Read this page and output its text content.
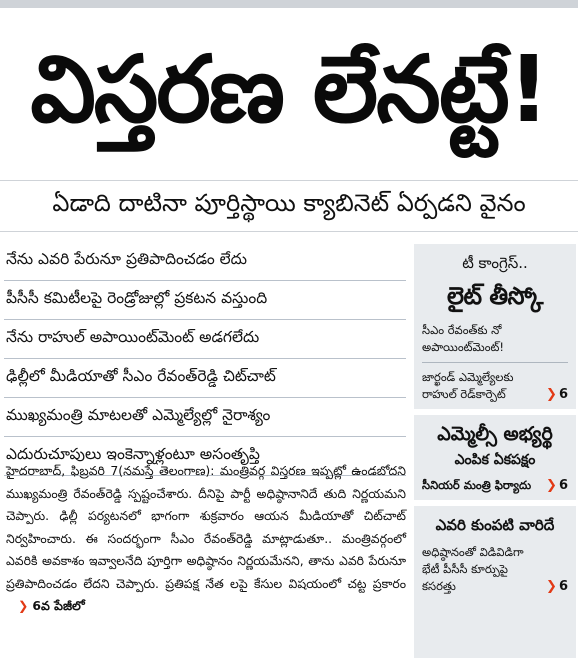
విస్తరణ లేనట్టే!
ఏడాది దాటినా పూర్తిస్థాయి క్యాబినెట్ ఏర్పడని వైనం
నేను ఎవరి పేరునూ ప్రతిపాదించడం లేదు
పీసీసీ కమిటీలపై రెండ్రోజుల్లో ప్రకటన వస్తుంది
నేను రాహుల్ అపాయింట్‌మెంట్ అడగలేదు
ఢిల్లీలో మీడియాతో సీఎం రేవంత్‌రెడ్డి చిట్‌చాట్
ముఖ్యమంత్రి మాటలతో ఎమ్మెల్యేల్లో నైరాశ్యం
ఎదురుచూపులు ఇంకెన్నాళ్లంటూ అసంతృప్తి

హైదరాబాద్, ఫిబ్రవరి 7(నమస్తే తెలంగాణ): మంత్రివర్గ విస్తరణ ఇప్పట్లో ఉండబోదని ముఖ్యమంత్రి రేవంత్‌రెడ్డి స్పష్టంచేశారు. దీనిపై పార్టీ అధిష్ఠానానిదే తుది నిర్ణయమని చెప్పారు. ఢిల్లీ పర్యటనలో భాగంగా శుక్రవారం ఆయన మీడియాతో చిట్‌చాట్ నిర్వహించారు. ఈ సందర్భంగా సీఎం రేవంత్‌రెడ్డి మాట్లాడుతూ.. మంత్రివర్గంలో ఎవరికి అవకాశం ఇవ్వాలనేది పూర్తిగా అధిష్ఠానం నిర్ణయమేనని, తాను ఎవరి పేరునూ ప్రతిపాదించడం లేదని చెప్పారు. ప్రతిపక్ష నేత లపై కేసుల విషయంలో చట్ట ప్రకారం ❯ 6వ పేజీలో

టీ కాంగ్రెస్..
లైట్ తీస్కో
సీఎం రేవంత్‌కు నో అపాయింట్‌మెంట్!
జార్ఖండ్ ఎమ్మెల్యేలకు రాహుల్ రెడ్‌కార్పెట్	❯ 6
ఎమ్మెల్సీ అభ్యర్థి
ఎంపిక ఏకపక్షం
సీనియర్ మంత్రి ఫిర్యాదు ❯ 6
ఎవరి కుంపటి వారిదే
అధిష్ఠానంతో విడివిడిగా భేటీ పీసీసీ కూర్పుపై కసరత్తు	❯ 6
